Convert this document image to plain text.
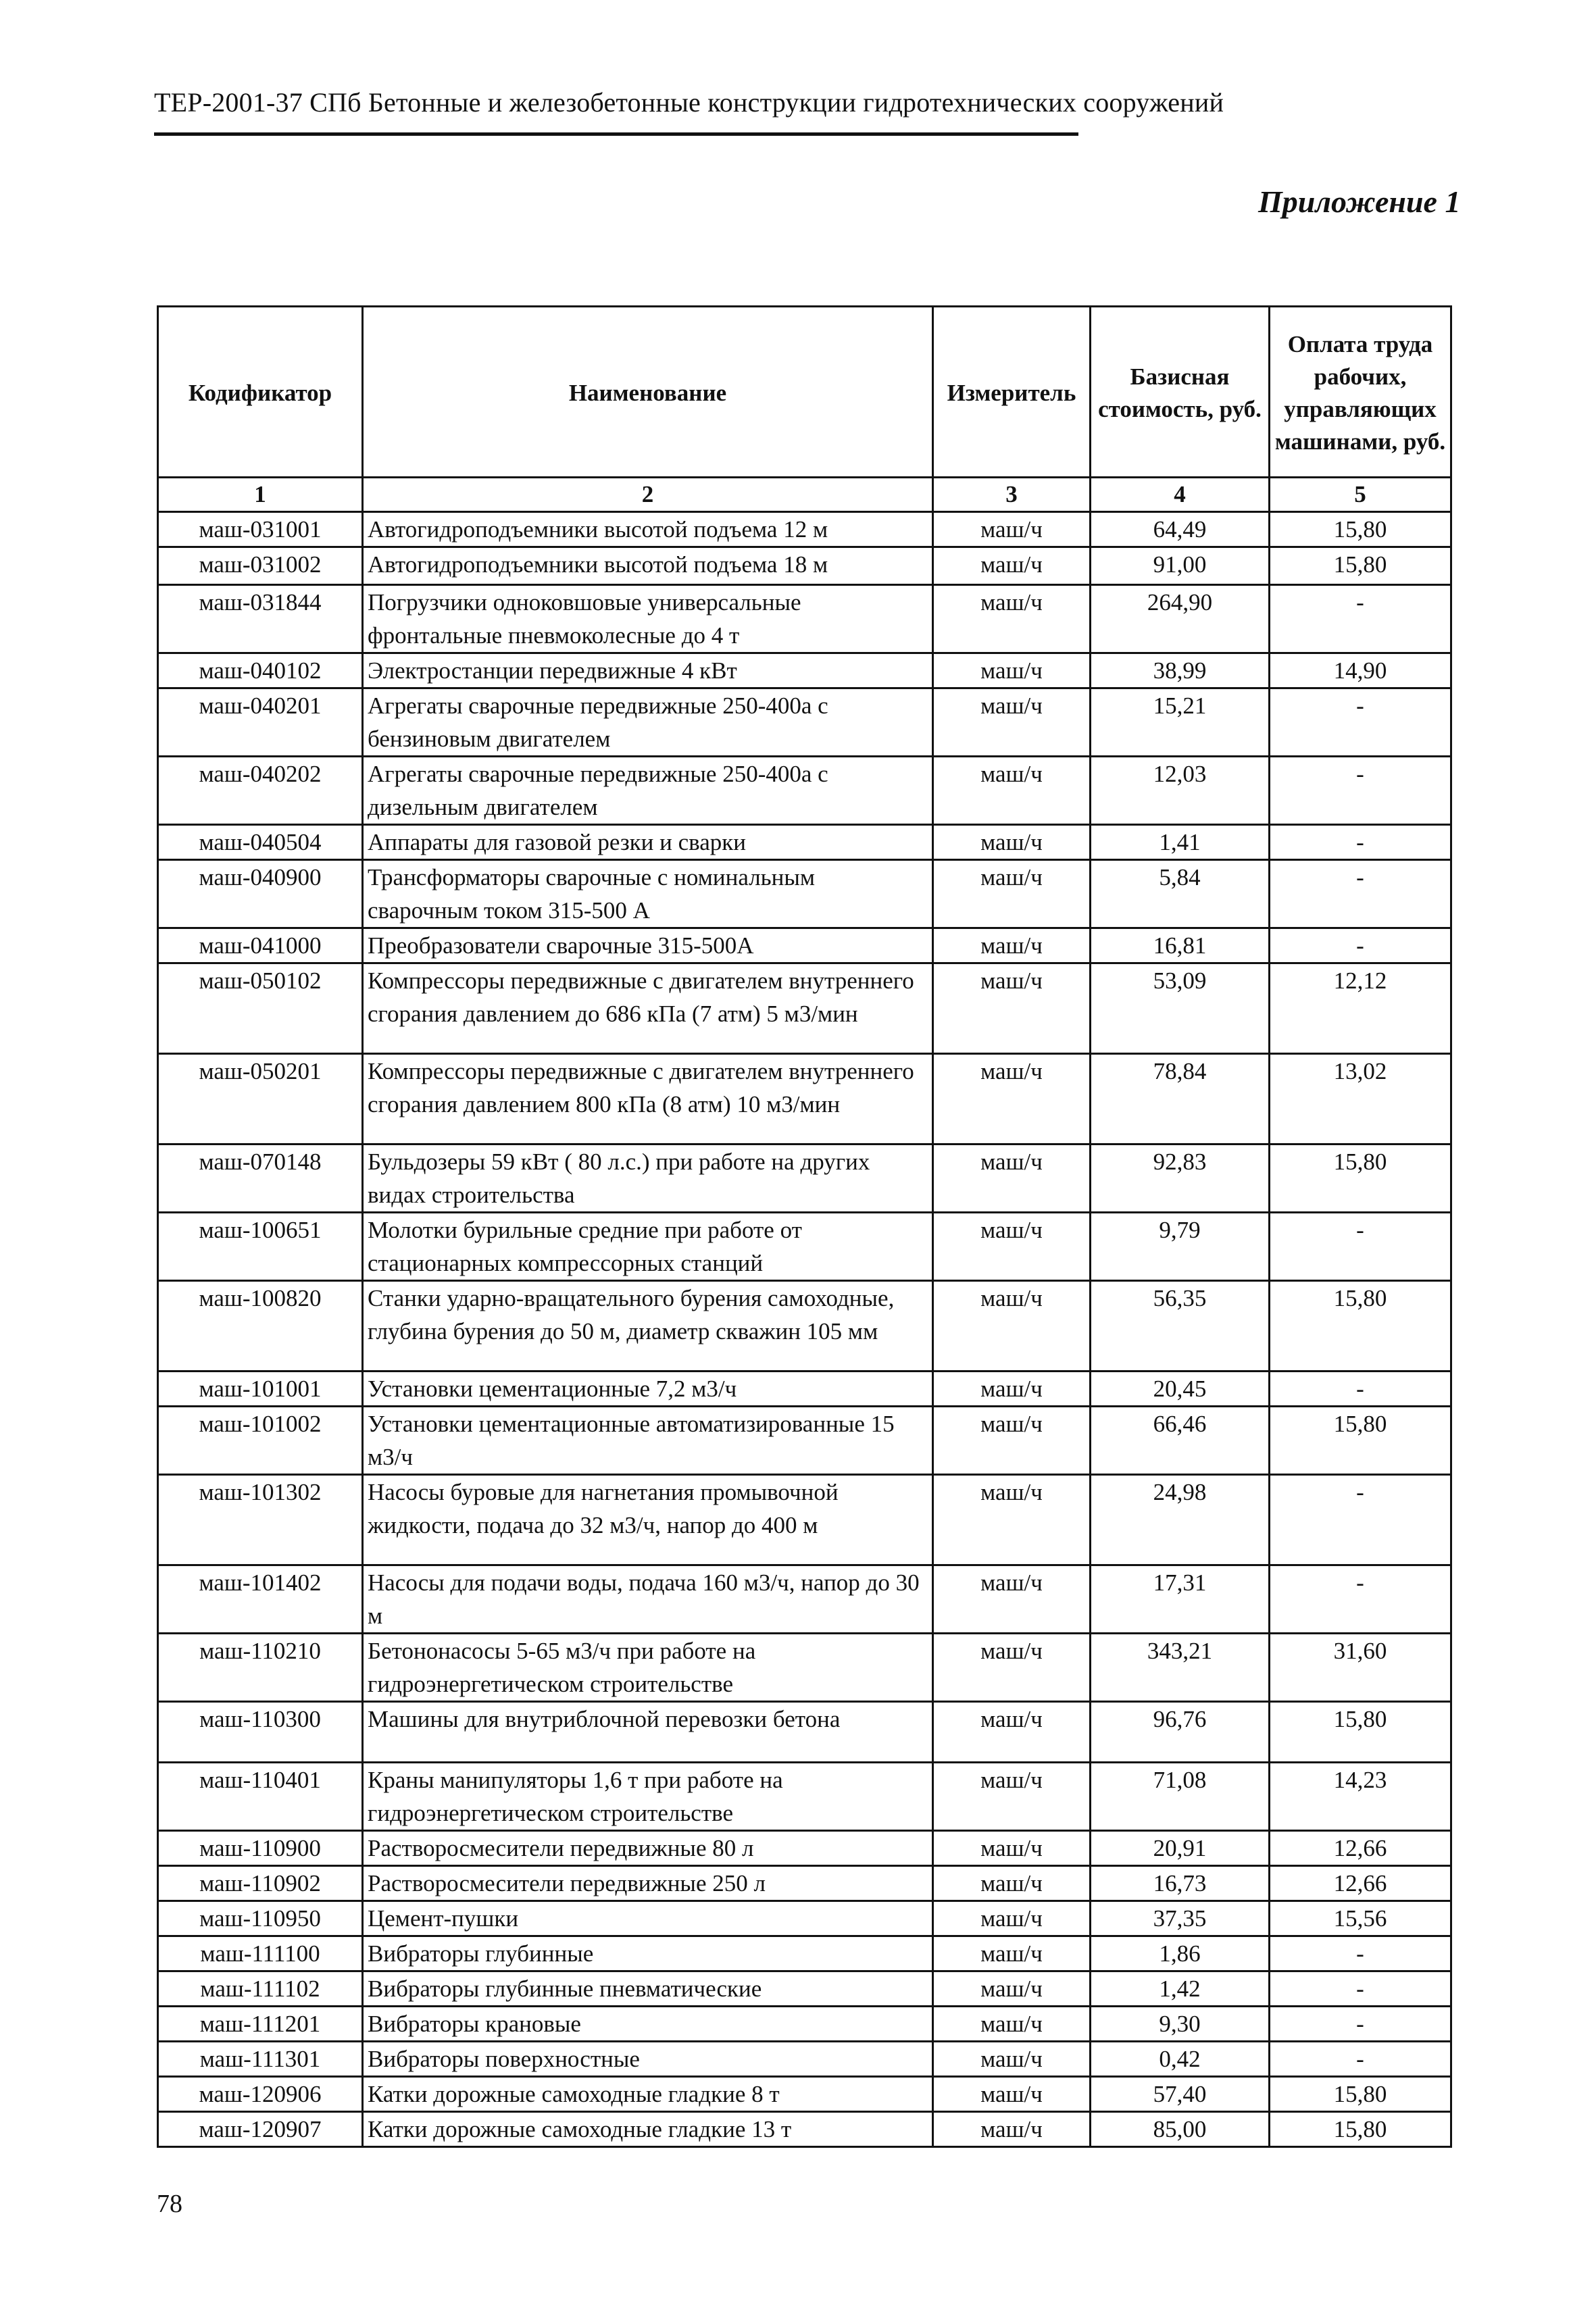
ТЕР-2001-37 СПб Бетонные и железобетонные конструкции гидротехнических сооружений
Приложение 1
Кодификатор	Наименование	Измеритель	Базисная стоимость, руб.	Оплата труда рабочих, управляющих машинами, руб.
1	2	3	4	5
маш-031001	Автогидроподъемники высотой подъема 12 м	маш/ч	64,49	15,80
маш-031002	Автогидроподъемники высотой подъема 18 м	маш/ч	91,00	15,80
маш-031844	Погрузчики одноковшовые универсальные фронтальные пневмоколесные до 4 т	маш/ч	264,90	-
маш-040102	Электростанции передвижные 4 кВт	маш/ч	38,99	14,90
маш-040201	Агрегаты сварочные передвижные 250-400а с бензиновым двигателем	маш/ч	15,21	-
маш-040202	Агрегаты сварочные передвижные 250-400а с дизельным двигателем	маш/ч	12,03	-
маш-040504	Аппараты для газовой резки и сварки	маш/ч	1,41	-
маш-040900	Трансформаторы сварочные с номинальным сварочным током 315-500 А	маш/ч	5,84	-
маш-041000	Преобразователи сварочные 315-500А	маш/ч	16,81	-
маш-050102	Компрессоры передвижные с двигателем внутреннего сгорания давлением до 686 кПа (7 атм) 5 м3/мин	маш/ч	53,09	12,12
маш-050201	Компрессоры передвижные с двигателем внутреннего сгорания давлением 800 кПа (8 атм) 10 м3/мин	маш/ч	78,84	13,02
маш-070148	Бульдозеры 59 кВт ( 80 л.с.) при работе на других видах строительства	маш/ч	92,83	15,80
маш-100651	Молотки бурильные средние при работе от стационарных компрессорных станций	маш/ч	9,79	-
маш-100820	Станки ударно-вращательного бурения самоходные, глубина бурения до 50 м, диаметр скважин 105 мм	маш/ч	56,35	15,80
маш-101001	Установки цементационные 7,2 м3/ч	маш/ч	20,45	-
маш-101002	Установки цементационные автоматизированные 15 м3/ч	маш/ч	66,46	15,80
маш-101302	Насосы буровые для нагнетания промывочной жидкости, подача до 32 м3/ч, напор до 400 м	маш/ч	24,98	-
маш-101402	Насосы для подачи воды, подача 160 м3/ч, напор до 30 м	маш/ч	17,31	-
маш-110210	Бетононасосы 5-65 м3/ч при работе на гидроэнергетическом строительстве	маш/ч	343,21	31,60
маш-110300	Машины для внутриблочной перевозки бетона	маш/ч	96,76	15,80
маш-110401	Краны манипуляторы 1,6 т при работе на гидроэнергетическом строительстве	маш/ч	71,08	14,23
маш-110900	Растворосмесители передвижные 80 л	маш/ч	20,91	12,66
маш-110902	Растворосмесители передвижные 250 л	маш/ч	16,73	12,66
маш-110950	Цемент-пушки	маш/ч	37,35	15,56
маш-111100	Вибраторы глубинные	маш/ч	1,86	-
маш-111102	Вибраторы глубинные пневматические	маш/ч	1,42	-
маш-111201	Вибраторы крановые	маш/ч	9,30	-
маш-111301	Вибраторы поверхностные	маш/ч	0,42	-
маш-120906	Катки дорожные самоходные гладкие 8 т	маш/ч	57,40	15,80
маш-120907	Катки дорожные самоходные гладкие 13 т	маш/ч	85,00	15,80
78
